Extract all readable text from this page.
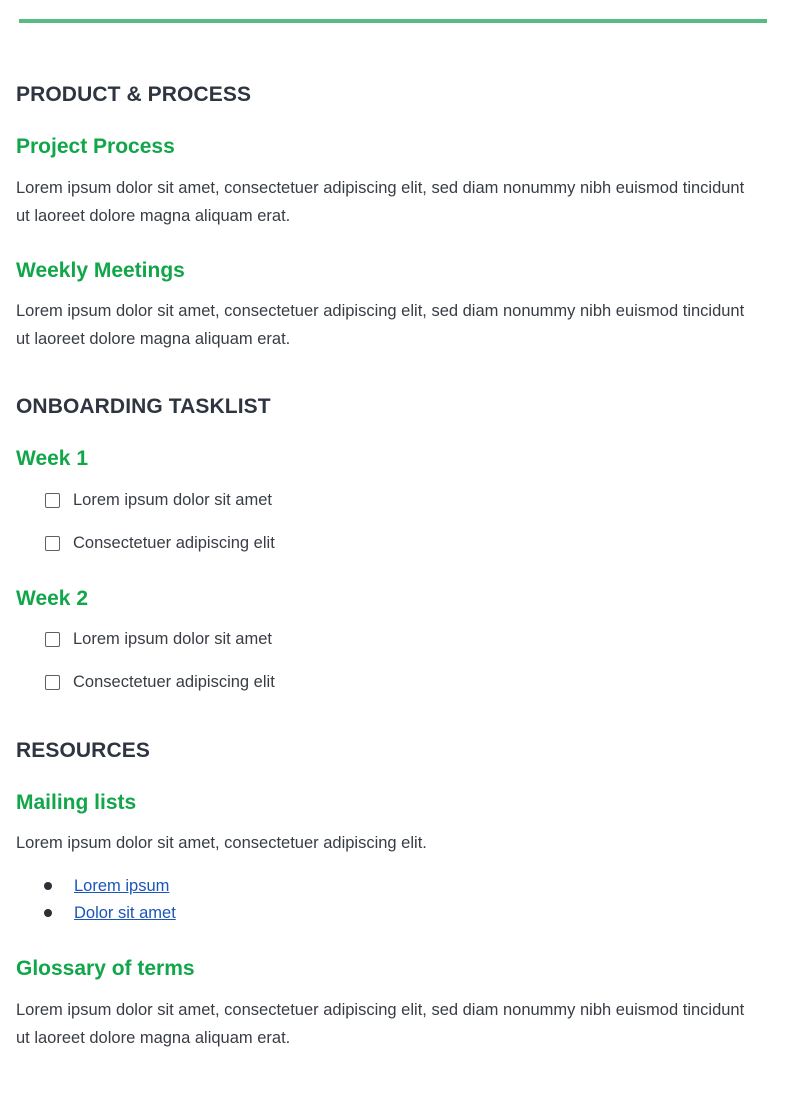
PRODUCT & PROCESS
Project Process
Lorem ipsum dolor sit amet, consectetuer adipiscing elit, sed diam nonummy nibh euismod tincidunt ut laoreet dolore magna aliquam erat.
Weekly Meetings
Lorem ipsum dolor sit amet, consectetuer adipiscing elit, sed diam nonummy nibh euismod tincidunt ut laoreet dolore magna aliquam erat.
ONBOARDING TASKLIST
Week 1
Lorem ipsum dolor sit amet
Consectetuer adipiscing elit
Week 2
Lorem ipsum dolor sit amet
Consectetuer adipiscing elit
RESOURCES
Mailing lists
Lorem ipsum dolor sit amet, consectetuer adipiscing elit.
Lorem ipsum
Dolor sit amet
Glossary of terms
Lorem ipsum dolor sit amet, consectetuer adipiscing elit, sed diam nonummy nibh euismod tincidunt ut laoreet dolore magna aliquam erat.
